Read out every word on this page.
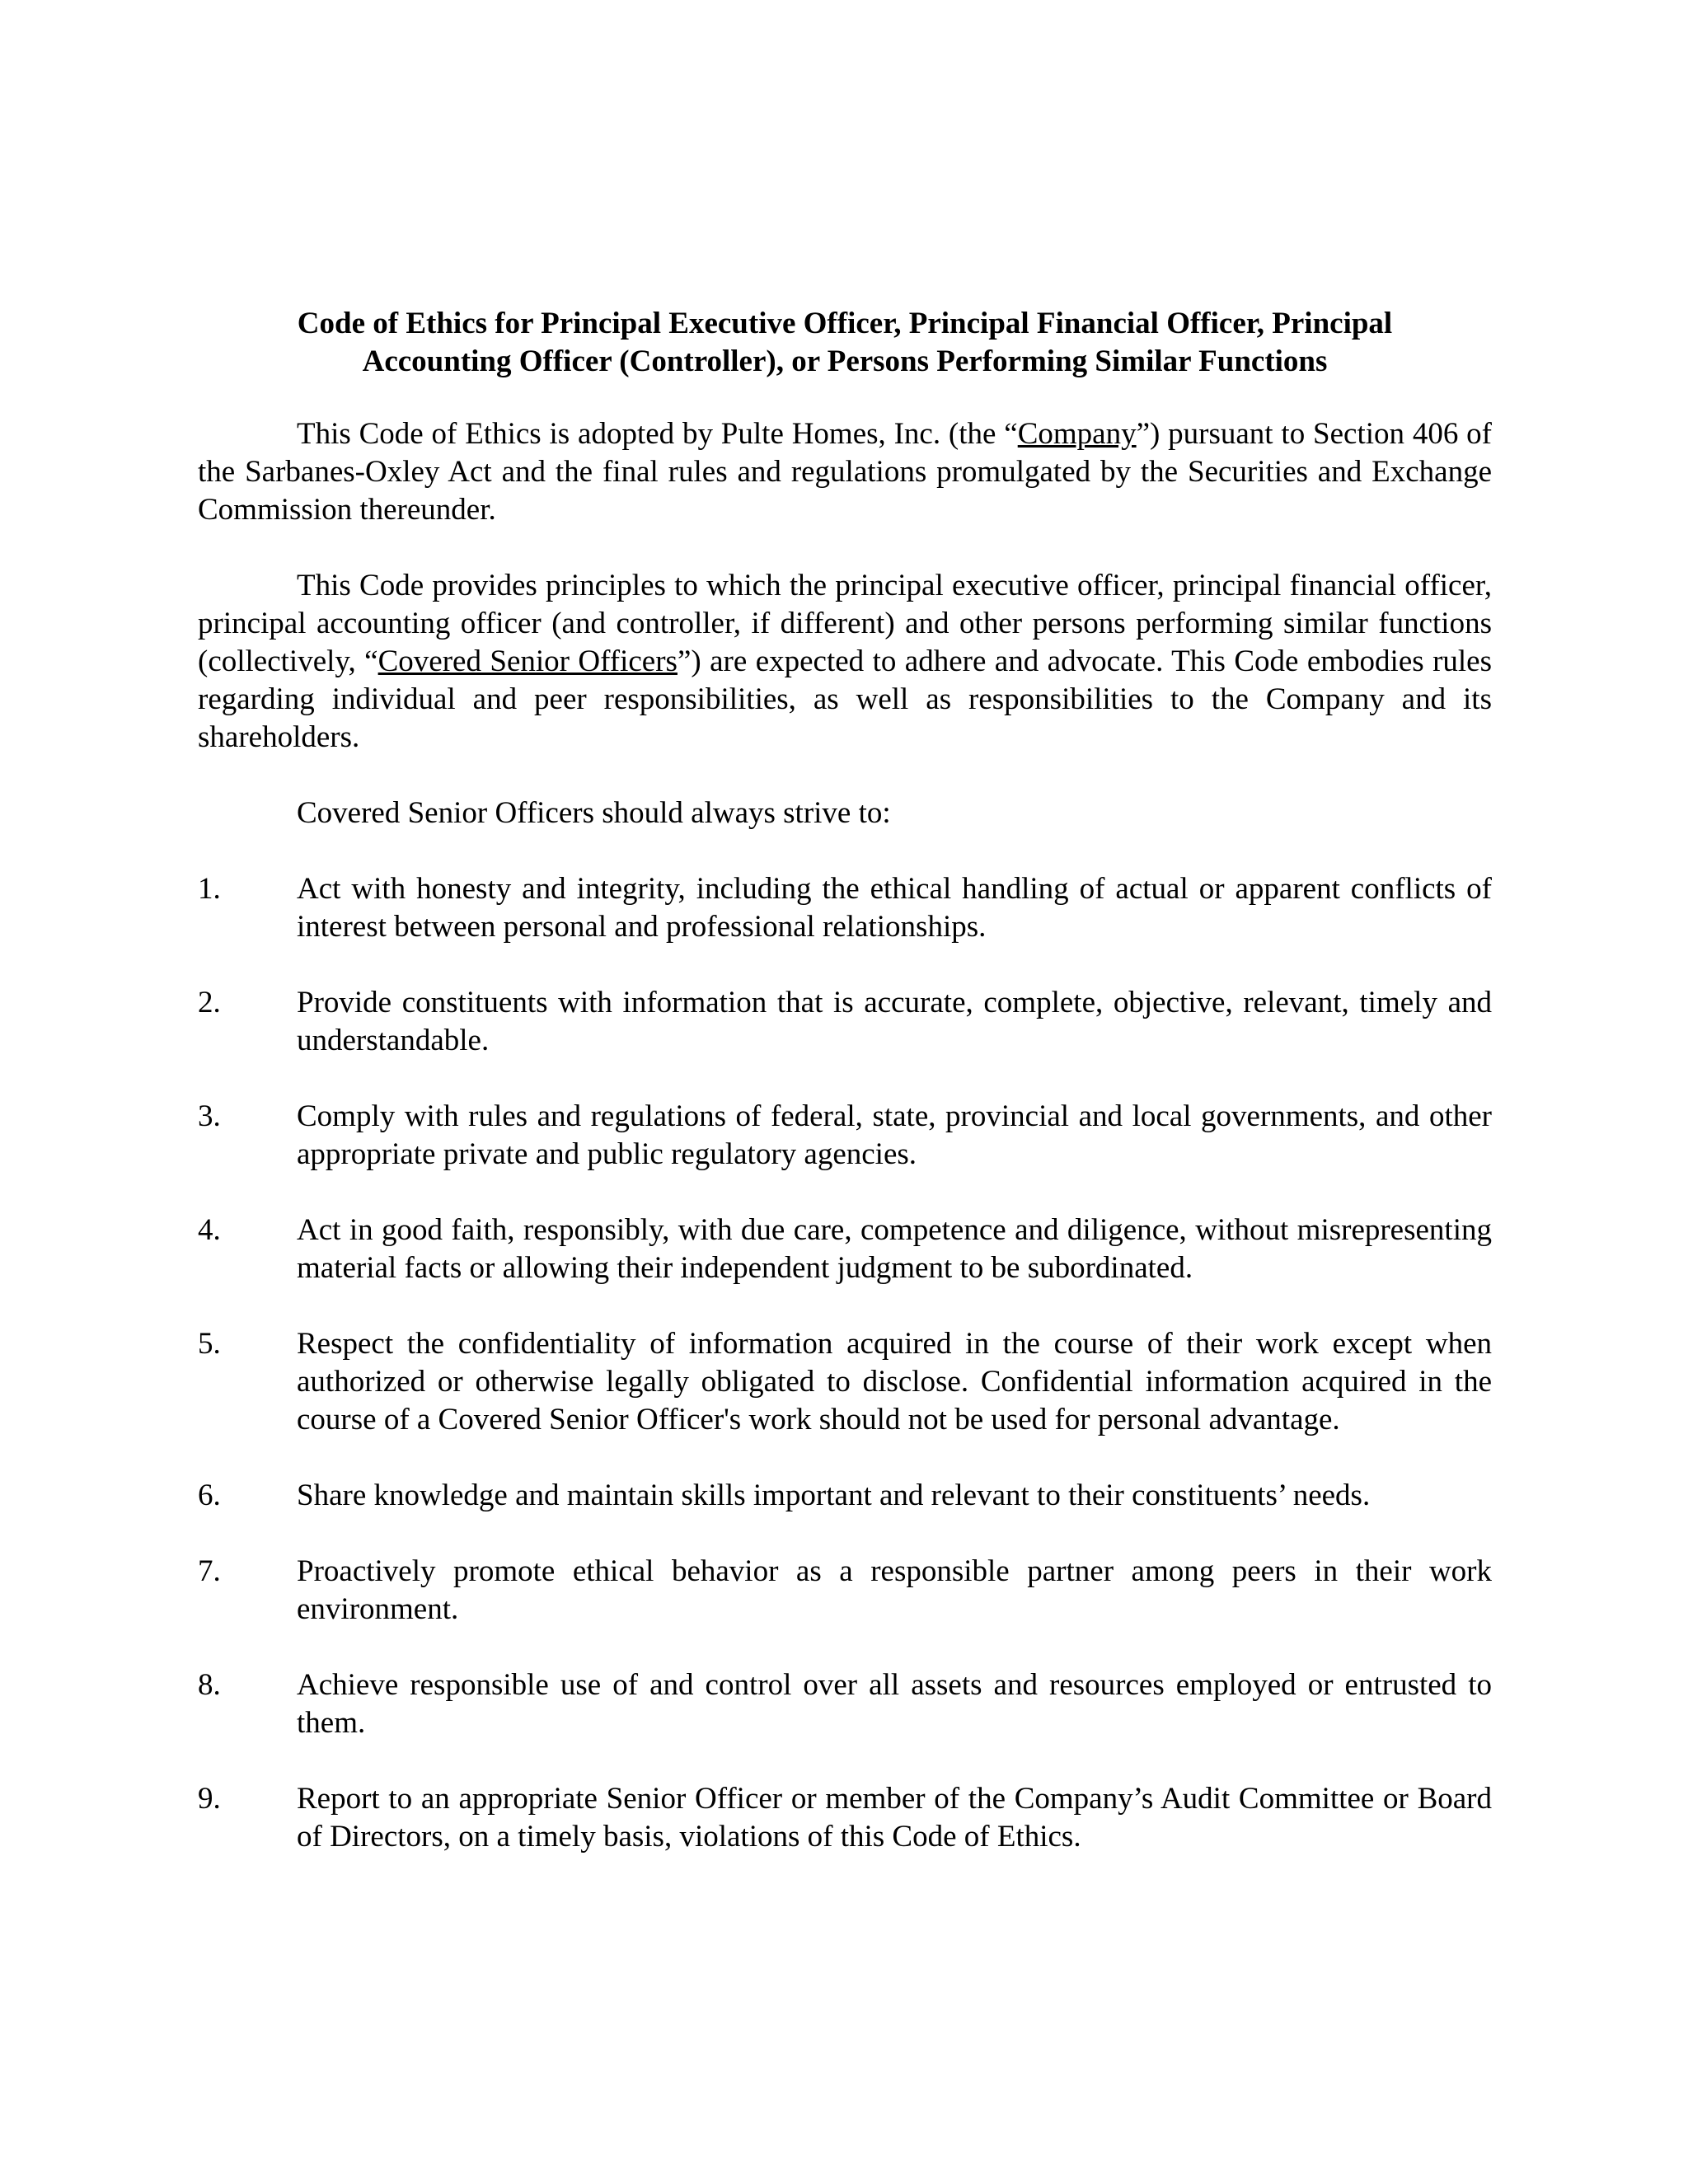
Code of Ethics for Principal Executive Officer, Principal Financial Officer, Principal
Accounting Officer (Controller), or Persons Performing Similar Functions

This Code of Ethics is adopted by Pulte Homes, Inc. (the “Company”) pursuant to Section 406 of the Sarbanes-Oxley Act and the final rules and regulations promulgated by the Securities and Exchange Commission thereunder.

This Code provides principles to which the principal executive officer, principal financial officer, principal accounting officer (and controller, if different) and other persons performing similar functions (collectively, “Covered Senior Officers”) are expected to adhere and advocate. This Code embodies rules regarding individual and peer responsibilities, as well as responsibilities to the Company and its shareholders.

Covered Senior Officers should always strive to:

1.	Act with honesty and integrity, including the ethical handling of actual or apparent conflicts of interest between personal and professional relationships.
2.	Provide constituents with information that is accurate, complete, objective, relevant, timely and understandable.
3.	Comply with rules and regulations of federal, state, provincial and local governments, and other appropriate private and public regulatory agencies.
4.	Act in good faith, responsibly, with due care, competence and diligence, without misrepresenting material facts or allowing their independent judgment to be subordinated.
5.	Respect the confidentiality of information acquired in the course of their work except when authorized or otherwise legally obligated to disclose. Confidential information acquired in the course of a Covered Senior Officer's work should not be used for personal advantage.
6.	Share knowledge and maintain skills important and relevant to their constituents’ needs.
7.	Proactively promote ethical behavior as a responsible partner among peers in their work environment.
8.	Achieve responsible use of and control over all assets and resources employed or entrusted to them.
9.	Report to an appropriate Senior Officer or member of the Company’s Audit Committee or Board of Directors, on a timely basis, violations of this Code of Ethics.
